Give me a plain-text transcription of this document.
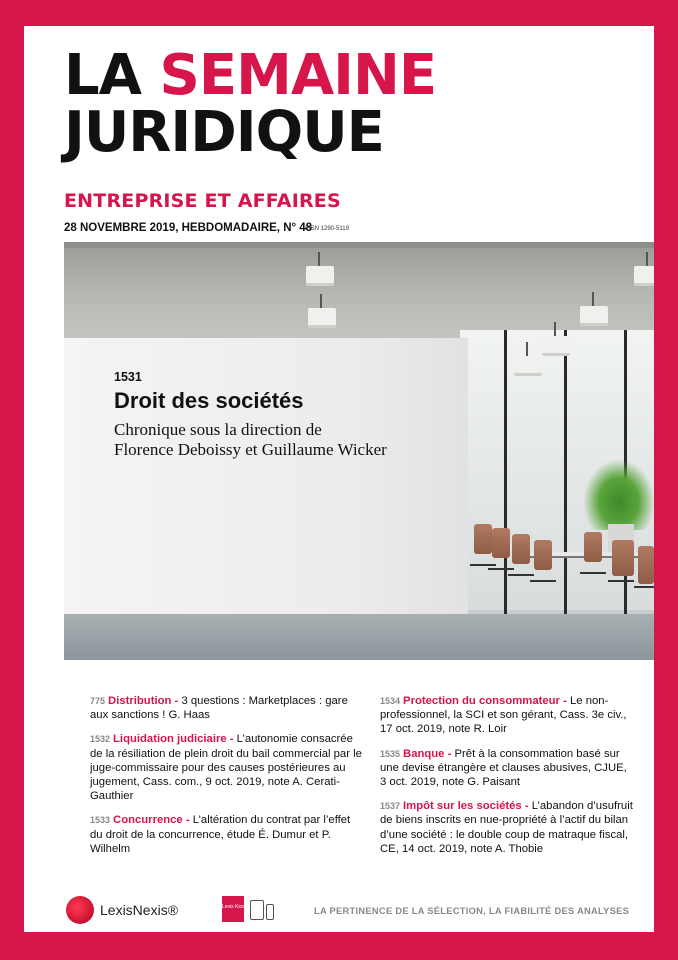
LA SEMAINE
JURIDIQUE
ENTREPRISE ET AFFAIRES
28 NOVEMBRE 2019, HEBDOMADAIRE, N° 48
ISSN 1290-5119
1531
Droit des sociétés
Chronique sous la direction de
Florence Deboissy et Guillaume Wicker
775 Distribution - 3 questions : Marketplaces : gare aux sanctions ! G. Haas
1532 Liquidation judiciaire - L’autonomie consacrée de la résiliation de plein droit du bail commercial par le juge-commissaire pour des causes postérieures au jugement, Cass. com., 9 oct. 2019, note A. Cerati-Gauthier
1533 Concurrence - L’altération du contrat par l’effet du droit de la concurrence, étude É. Dumur et P. Wilhelm
1534 Protection du consommateur - Le non-professionnel, la SCI et son gérant, Cass. 3e civ., 17 oct. 2019, note R. Loir
1535 Banque - Prêt à la consommation basé sur une devise étrangère et clauses abusives, CJUE, 3 oct. 2019, note G. Paisant
1537 Impôt sur les sociétés - L’abandon d’usufruit de biens inscrits en nue-propriété à l’actif du bilan d’une société : le double coup de matraque fiscal, CE, 14 oct. 2019, note A. Thobie
LexisNexis®	Lexis Kiosque	LA PERTINENCE DE LA SÉLECTION, LA FIABILITÉ DES ANALYSES
